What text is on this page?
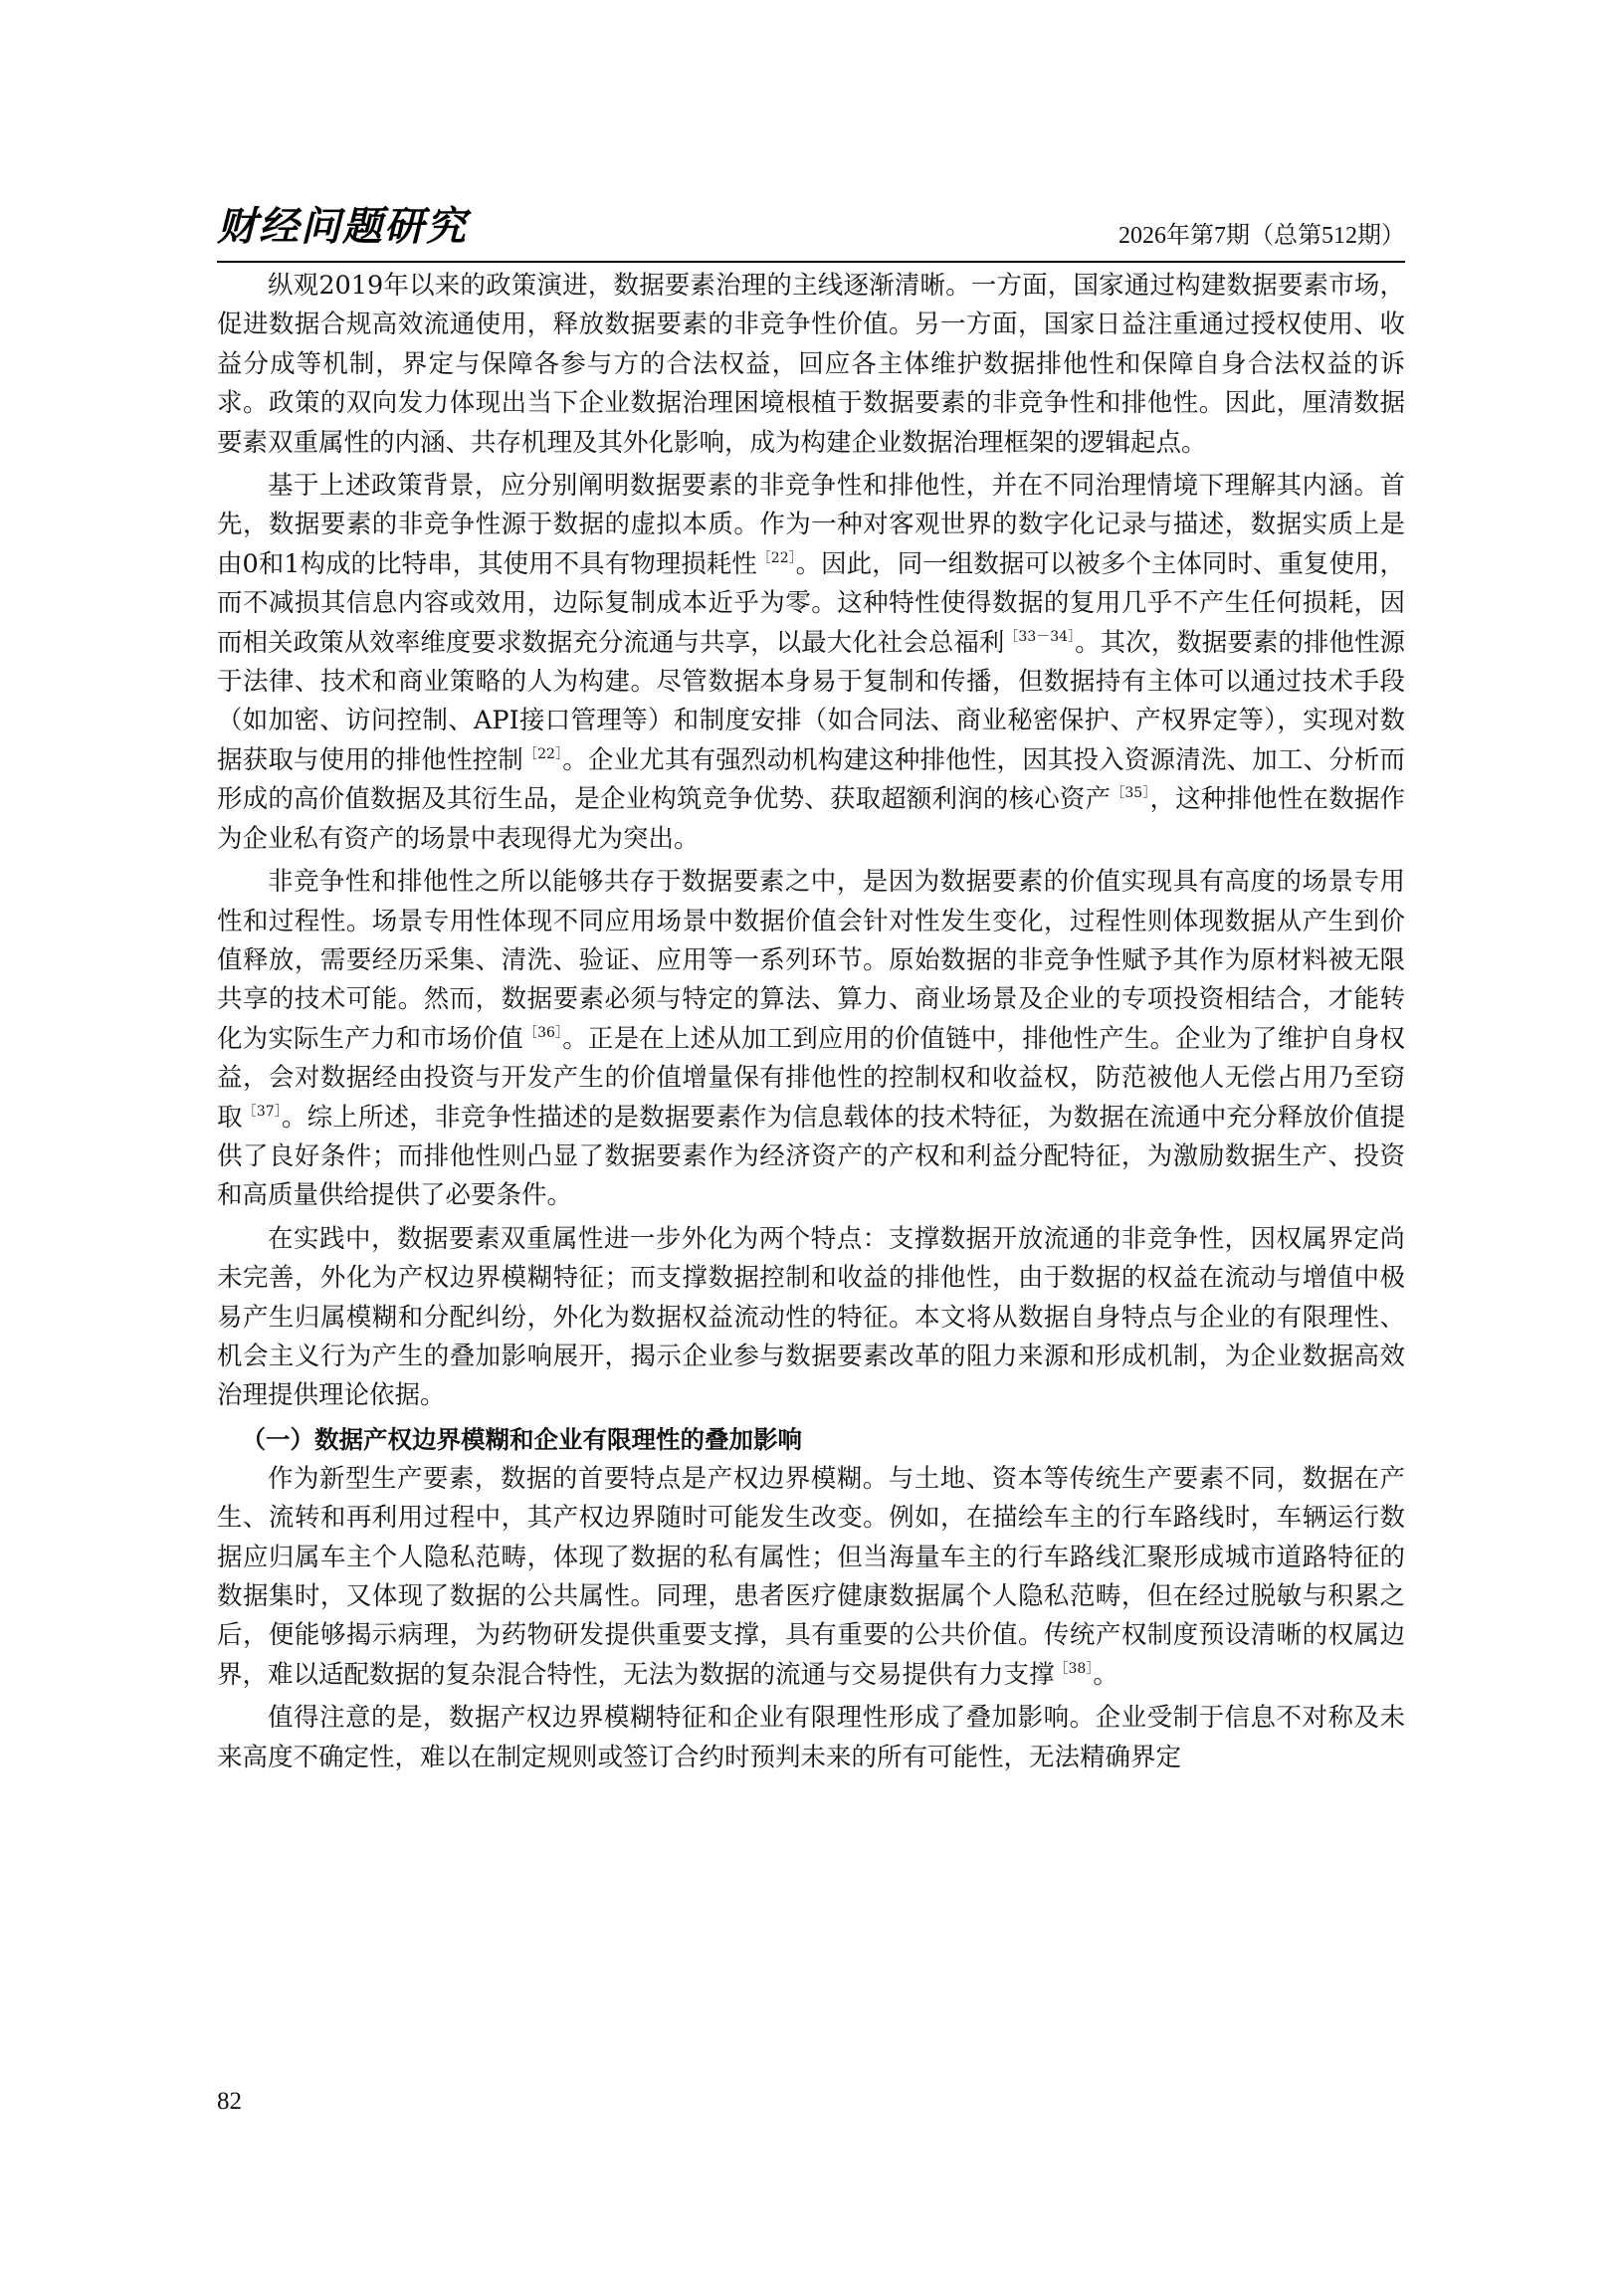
财经问题研究	2026年第7期（总第512期）

纵观2019年以来的政策演进，数据要素治理的主线逐渐清晰。一方面，国家通过构建数据要素市场，促进数据合规高效流通使用，释放数据要素的非竞争性价值。另一方面，国家日益注重通过授权使用、收益分成等机制，界定与保障各参与方的合法权益，回应各主体维护数据排他性和保障自身合法权益的诉求。政策的双向发力体现出当下企业数据治理困境根植于数据要素的非竞争性和排他性。因此，厘清数据要素双重属性的内涵、共存机理及其外化影响，成为构建企业数据治理框架的逻辑起点。

基于上述政策背景，应分别阐明数据要素的非竞争性和排他性，并在不同治理情境下理解其内涵。首先，数据要素的非竞争性源于数据的虚拟本质。作为一种对客观世界的数字化记录与描述，数据实质上是由0和1构成的比特串，其使用不具有物理损耗性$^{[22]}$。因此，同一组数据可以被多个主体同时、重复使用，而不减损其信息内容或效用，边际复制成本近乎为零。这种特性使得数据的复用几乎不产生任何损耗，因而相关政策从效率维度要求数据充分流通与共享，以最大化社会总福利$^{[33-34]}$。其次，数据要素的排他性源于法律、技术和商业策略的人为构建。尽管数据本身易于复制和传播，但数据持有主体可以通过技术手段（如加密、访问控制、API接口管理等）和制度安排（如合同法、商业秘密保护、产权界定等），实现对数据获取与使用的排他性控制$^{[22]}$。企业尤其有强烈动机构建这种排他性，因其投入资源清洗、加工、分析而形成的高价值数据及其衍生品，是企业构筑竞争优势、获取超额利润的核心资产$^{[35]}$，这种排他性在数据作为企业私有资产的场景中表现得尤为突出。

非竞争性和排他性之所以能够共存于数据要素之中，是因为数据要素的价值实现具有高度的场景专用性和过程性。场景专用性体现不同应用场景中数据价值会针对性发生变化，过程性则体现数据从产生到价值释放，需要经历采集、清洗、验证、应用等一系列环节。原始数据的非竞争性赋予其作为原材料被无限共享的技术可能。然而，数据要素必须与特定的算法、算力、商业场景及企业的专项投资相结合，才能转化为实际生产力和市场价值$^{[36]}$。正是在上述从加工到应用的价值链中，排他性产生。企业为了维护自身权益，会对数据经由投资与开发产生的价值增量保有排他性的控制权和收益权，防范被他人无偿占用乃至窃取$^{[37]}$。综上所述，非竞争性描述的是数据要素作为信息载体的技术特征，为数据在流通中充分释放价值提供了良好条件；而排他性则凸显了数据要素作为经济资产的产权和利益分配特征，为激励数据生产、投资和高质量供给提供了必要条件。

在实践中，数据要素双重属性进一步外化为两个特点：支撑数据开放流通的非竞争性，因权属界定尚未完善，外化为产权边界模糊特征；而支撑数据控制和收益的排他性，由于数据的权益在流动与增值中极易产生归属模糊和分配纠纷，外化为数据权益流动性的特征。本文将从数据自身特点与企业的有限理性、机会主义行为产生的叠加影响展开，揭示企业参与数据要素改革的阻力来源和形成机制，为企业数据高效治理提供理论依据。

（一）数据产权边界模糊和企业有限理性的叠加影响

作为新型生产要素，数据的首要特点是产权边界模糊。与土地、资本等传统生产要素不同，数据在产生、流转和再利用过程中，其产权边界随时可能发生改变。例如，在描绘车主的行车路线时，车辆运行数据应归属车主个人隐私范畴，体现了数据的私有属性；但当海量车主的行车路线汇聚形成城市道路特征的数据集时，又体现了数据的公共属性。同理，患者医疗健康数据属个人隐私范畴，但在经过脱敏与积累之后，便能够揭示病理，为药物研发提供重要支撑，具有重要的公共价值。传统产权制度预设清晰的权属边界，难以适配数据的复杂混合特性，无法为数据的流通与交易提供有力支撑$^{[38]}$。

值得注意的是，数据产权边界模糊特征和企业有限理性形成了叠加影响。企业受制于信息不对称及未来高度不确定性，难以在制定规则或签订合约时预判未来的所有可能性，无法精确界定

82
